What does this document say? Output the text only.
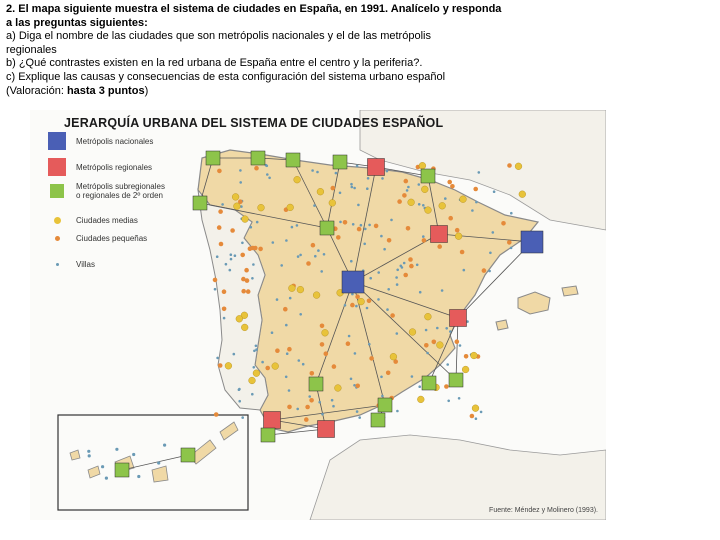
2. El mapa siguiente muestra el sistema de ciudades en España, en 1991. Analícelo y responda

a las preguntas siguientes:

a) Diga el nombre de las ciudades que son metrópolis nacionales y el de las metrópolis

regionales

b) ¿Qué contrastes existen en la red urbana de España entre el centro y la periferia?.

c) Explique las causas y consecuencias de esta configuración del sistema urbano español

(Valoración: hasta 3 puntos)

JERARQUÍA URBANA DEL SISTEMA DE CIUDADES ESPAÑOL
Metrópolis nacionales
Metrópolis regionales
Metrópolis subregionales
o regionales de 2º orden
Ciudades medias
Ciudades pequeñas
Villas
Fuente: Méndez y Molinero (1993).
